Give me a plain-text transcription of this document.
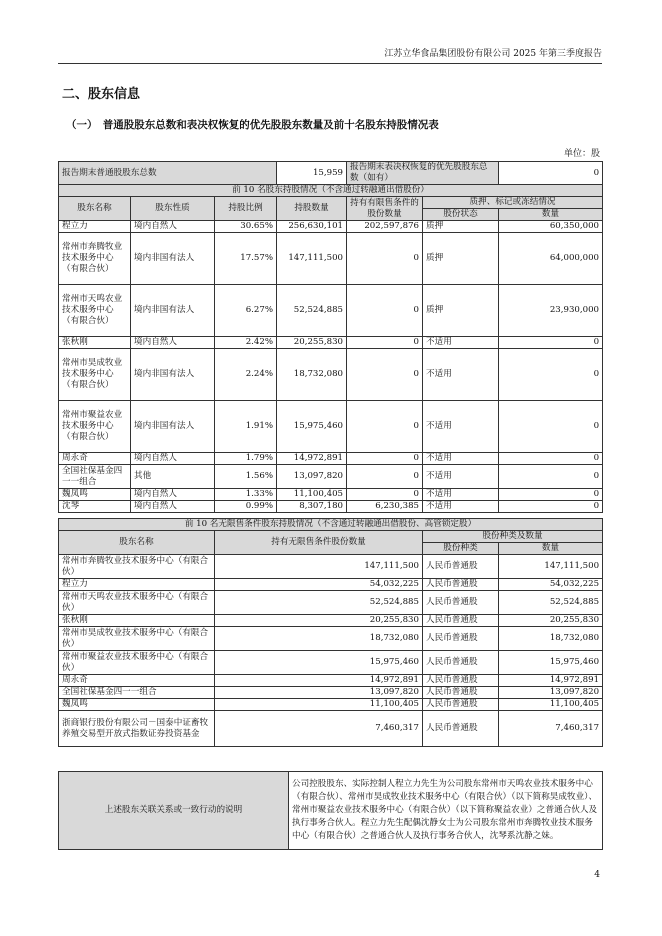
江苏立华食品集团股份有限公司 2025 年第三季度报告
二、股东信息
（一）　普通股股东总数和表决权恢复的优先股股东数量及前十名股东持股情况表
单位：股
报告期末普通股股东总数			15,959	报告期末表决权恢复的优先股股东总数（如有）		0
前 10 名股东持股情况（不含通过转融通出借股份）						
股东名称	股东性质	持股比例	持股数量	持有有限售条件的股份数量	质押、标记或冻结情况	
					股份状态	数量
程立力	境内自然人	30.65%	256,630,101	202,597,876	质押	60,350,000
常州市奔腾牧业技术服务中心（有限合伙）	境内非国有法人	17.57%	147,111,500	0	质押	64,000,000
常州市天鸣农业技术服务中心（有限合伙）	境内非国有法人	6.27%	52,524,885	0	质押	23,930,000
张秋刚	境内自然人	2.42%	20,255,830	0	不适用	0
常州市昊成牧业技术服务中心（有限合伙）	境内非国有法人	2.24%	18,732,080	0	不适用	0
常州市聚益农业技术服务中心（有限合伙）	境内非国有法人	1.91%	15,975,460	0	不适用	0
周永奇	境内自然人	1.79%	14,972,891	0	不适用	0
全国社保基金四一一组合	其他	1.56%	13,097,820	0	不适用	0
魏凤鸣	境内自然人	1.33%	11,100,405	0	不适用	0
沈琴	境内自然人	0.99%	8,307,180	6,230,385	不适用	0
前 10 名无限售条件股东持股情况（不含通过转融通出借股份、高管锁定股）			
股东名称	持有无限售条件股份数量	股份种类及数量	
		股份种类	数量
常州市奔腾牧业技术服务中心（有限合伙）	147,111,500	人民币普通股	147,111,500
程立力	54,032,225	人民币普通股	54,032,225
常州市天鸣农业技术服务中心（有限合伙）	52,524,885	人民币普通股	52,524,885
张秋刚	20,255,830	人民币普通股	20,255,830
常州市昊成牧业技术服务中心（有限合伙）	18,732,080	人民币普通股	18,732,080
常州市聚益农业技术服务中心（有限合伙）	15,975,460	人民币普通股	15,975,460
周永奇	14,972,891	人民币普通股	14,972,891
全国社保基金四一一组合	13,097,820	人民币普通股	13,097,820
魏凤鸣	11,100,405	人民币普通股	11,100,405
浙商银行股份有限公司－国泰中证畜牧养殖交易型开放式指数证券投资基金	7,460,317	人民币普通股	7,460,317
上述股东关联关系或一致行动的说明	公司控股股东、实际控制人程立力先生为公司股东常州市天鸣农业技术服务中心（有限合伙）、常州市昊成牧业技术服务中心（有限合伙）（以下简称昊成牧业）、常州市聚益农业技术服务中心（有限合伙）（以下简称聚益农业）之普通合伙人及执行事务合伙人。程立力先生配偶沈静女士为公司股东常州市奔腾牧业技术服务中心（有限合伙）之普通合伙人及执行事务合伙人，沈琴系沈静之妹。
4
